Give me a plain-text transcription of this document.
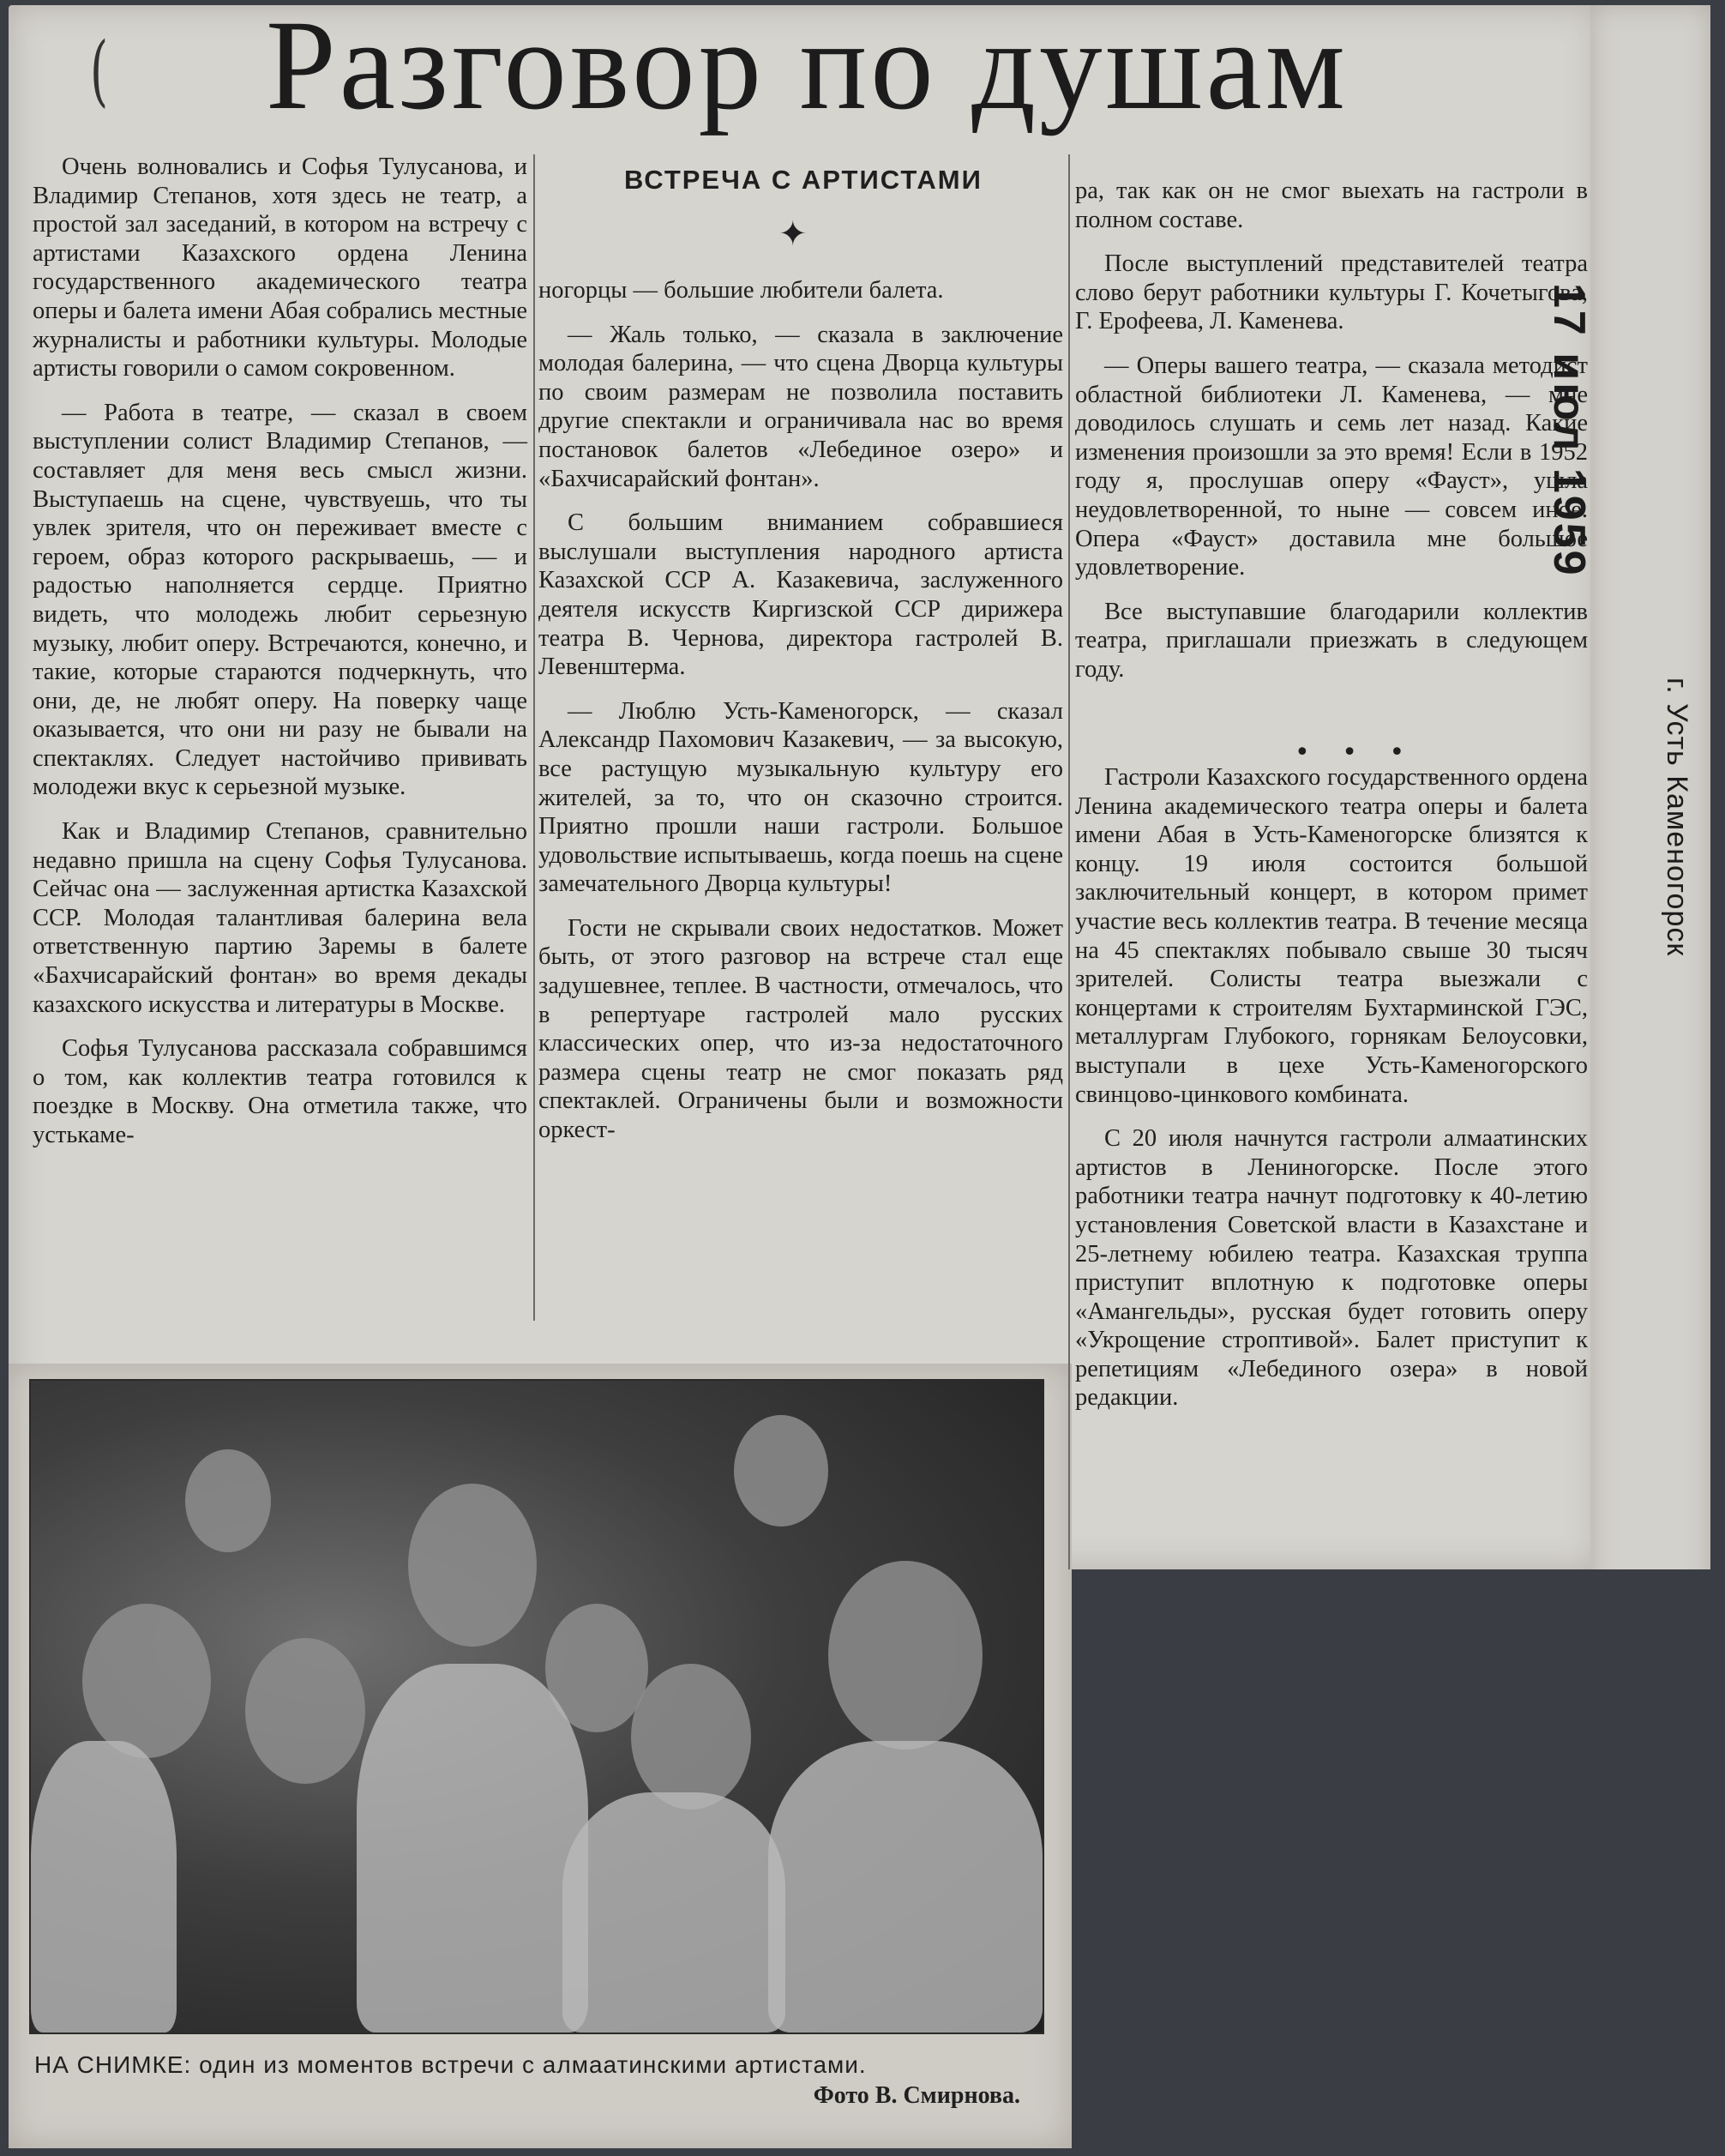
( Разговор по душам

Очень волновались и Софья Тулусанова, и Владимир Степанов, хотя здесь не театр, а простой зал заседаний, в котором на встречу с артистами Казахского ордена Ленина государственного академического театра оперы и балета имени Абая собрались местные журналисты и работники культуры. Молодые артисты говорили о самом сокровенном.

— Работа в театре, — сказал в своем выступлении солист Владимир Степанов, — составляет для меня весь смысл жизни. Выступаешь на сцене, чувствуешь, что ты увлек зрителя, что он переживает вместе с героем, образ которого раскрываешь, — и радостью наполняется сердце. Приятно видеть, что молодежь любит серьезную музыку, любит оперу. Встречаются, конечно, и такие, которые стараются подчеркнуть, что они, де, не любят оперу. На поверку чаще оказывается, что они ни разу не бывали на спектаклях. Следует настойчиво прививать молодежи вкус к серьезной музыке.

Как и Владимир Степанов, сравнительно недавно пришла на сцену Софья Тулусанова. Сейчас она — заслуженная артистка Казахской ССР. Молодая талантливая балерина вела ответственную партию Заремы в балете «Бахчисарайский фонтан» во время декады казахского искусства и литературы в Москве.

Софья Тулусанова рассказала собравшимся о том, как коллектив театра готовился к поездке в Москву. Она отметила также, что устькаме-

ВСТРЕЧА С АРТИСТАМИ
✦

ногорцы — большие любители балета.

— Жаль только, — сказала в заключение молодая балерина, — что сцена Дворца культуры по своим размерам не позволила поставить другие спектакли и ограничивала нас во время постановок балетов «Лебединое озеро» и «Бахчисарайский фонтан».

С большим вниманием собравшиеся выслушали выступления народного артиста Казахской ССР А. Казакевича, заслуженного деятеля искусств Киргизской ССР дирижера театра В. Чернова, директора гастролей В. Левенштерма.

— Люблю Усть-Каменогорск, — сказал Александр Пахомович Казакевич, — за высокую, все растущую музыкальную культуру его жителей, за то, что он сказочно строится. Приятно прошли наши гастроли. Большое удовольствие испытываешь, когда поешь на сцене замечательного Дворца культуры!

Гости не скрывали своих недостатков. Может быть, от этого разговор на встрече стал еще задушевнее, теплее. В частности, отмечалось, что в репертуаре гастролей мало русских классических опер, что из-за недостаточного размера сцены театр не смог показать ряд спектаклей. Ограничены были и возможности оркест-

ра, так как он не смог выехать на гастроли в полном составе.

После выступлений представителей театра слово берут работники культуры Г. Кочетыгова, Г. Ерофеева, Л. Каменева.

— Оперы вашего театра, — сказала методист областной библиотеки Л. Каменева, — мне доводилось слушать и семь лет назад. Какие изменения произошли за это время! Если в 1952 году я, прослушав оперу «Фауст», ушла неудовлетворенной, то ныне — совсем иное. Опера «Фауст» доставила мне большое удовлетворение.

Все выступавшие благодарили коллектив театра, приглашали приезжать в следующем году.

• • •

Гастроли Казахского государственного ордена Ленина академического театра оперы и балета имени Абая в Усть-Каменогорске близятся к концу. 19 июля состоится большой заключительный концерт, в котором примет участие весь коллектив театра. В течение месяца на 45 спектаклях побывало свыше 30 тысяч зрителей. Солисты театра выезжали с концертами к строителям Бухтарминской ГЭС, металлургам Глубокого, горнякам Белоусовки, выступали в цехе Усть-Каменогорского свинцово-цинкового комбината.

С 20 июля начнутся гастроли алмаатинских артистов в Лениногорске. После этого работники театра начнут подготовку к 40-летию установления Советской власти в Казахстане и 25-летнему юбилею театра. Казахская труппа приступит вплотную к подготовке оперы «Амангельды», русская будет готовить оперу «Укрощение строптивой». Балет приступит к репетициям «Лебединого озера» в новой редакции.

17 июл 1959
г. Усть Каменогорск
НА СНИМКЕ: один из моментов встречи с алмаатинскими артистами.
Фото В. Смирнова.
